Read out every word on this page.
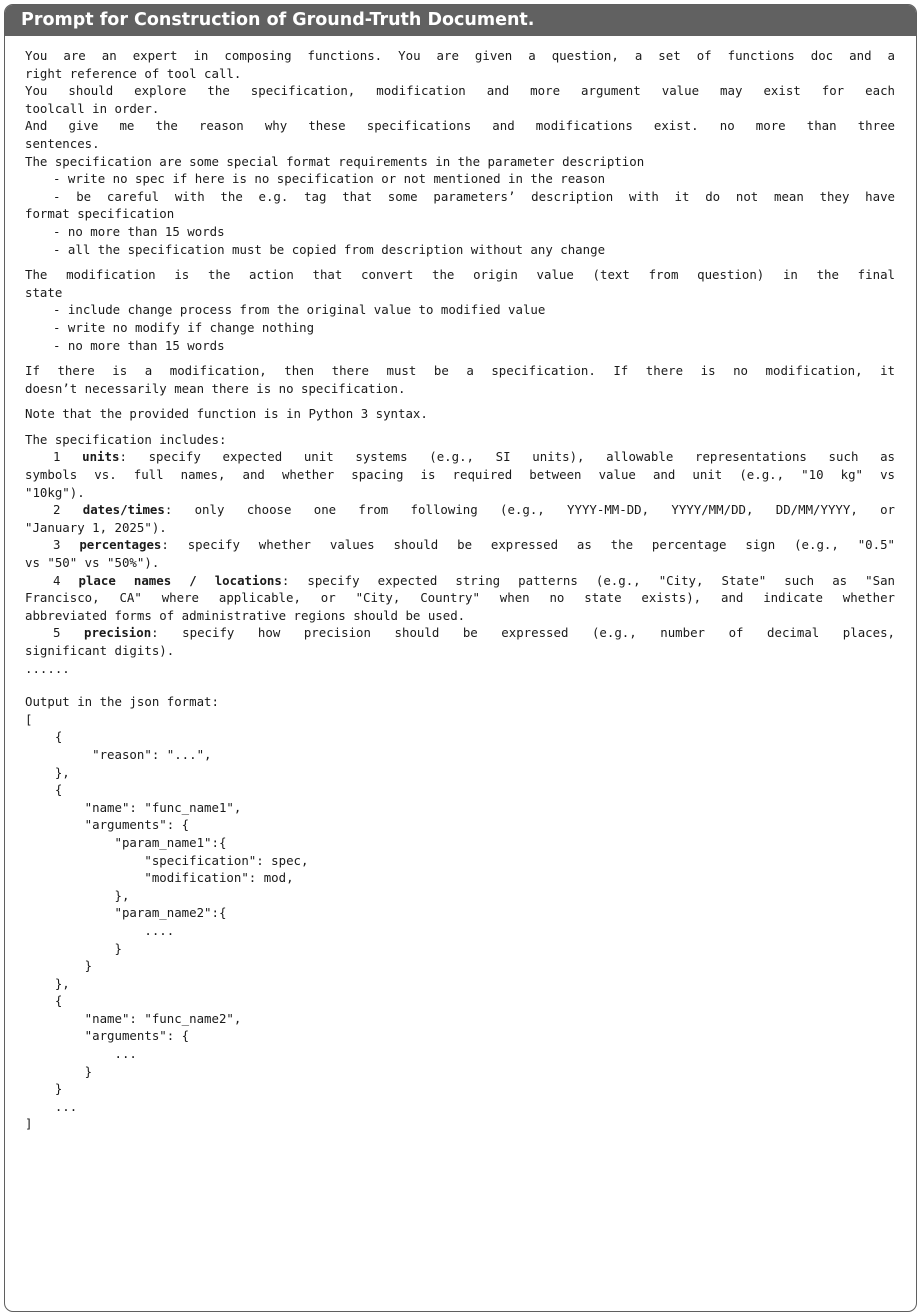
Prompt for Construction of Ground-Truth Document.

You are an expert in composing functions. You are given a question, a set of functions doc and a

right reference of tool call.

You should explore the specification, modification and more argument value may exist for each

toolcall in order.

And give me the reason why these specifications and modifications exist. no more than three

sentences.

The specification are some special format requirements in the parameter description

- write no spec if here is no specification or not mentioned in the reason

- be careful with the e.g. tag that some parameters’ description with it do not mean they have

format specification

- no more than 15 words

- all the specification must be copied from description without any change

The modification is the action that convert the origin value (text from question) in the final

state

- include change process from the original value to modified value

- write no modify if change nothing

- no more than 15 words

If there is a modification, then there must be a specification. If there is no modification, it

doesn’t necessarily mean there is no specification.

Note that the provided function is in Python 3 syntax.

The specification includes:

1 units: specify expected unit systems (e.g., SI units), allowable representations such as

symbols vs. full names, and whether spacing is required between value and unit (e.g., "10 kg" vs

"10kg").

2 dates/times: only choose one from following (e.g., YYYY-MM-DD, YYYY/MM/DD, DD/MM/YYYY, or

"January 1, 2025").

3 percentages: specify whether values should be expressed as the percentage sign (e.g., "0.5"

vs "50" vs "50%").

4 place names / locations: specify expected string patterns (e.g., "City, State" such as "San

Francisco, CA" where applicable, or "City, Country" when no state exists), and indicate whether

abbreviated forms of administrative regions should be used.

5 precision: specify how precision should be expressed (e.g., number of decimal places,

significant digits).

......

Output in the json format:

[
{
"reason": "...",
},
{
"name": "func_name1",
"arguments": {
"param_name1":{
"specification": spec,
"modification": mod,
},
"param_name2":{
....
}
}
},
{
"name": "func_name2",
"arguments": {
...
}
}
...
]
